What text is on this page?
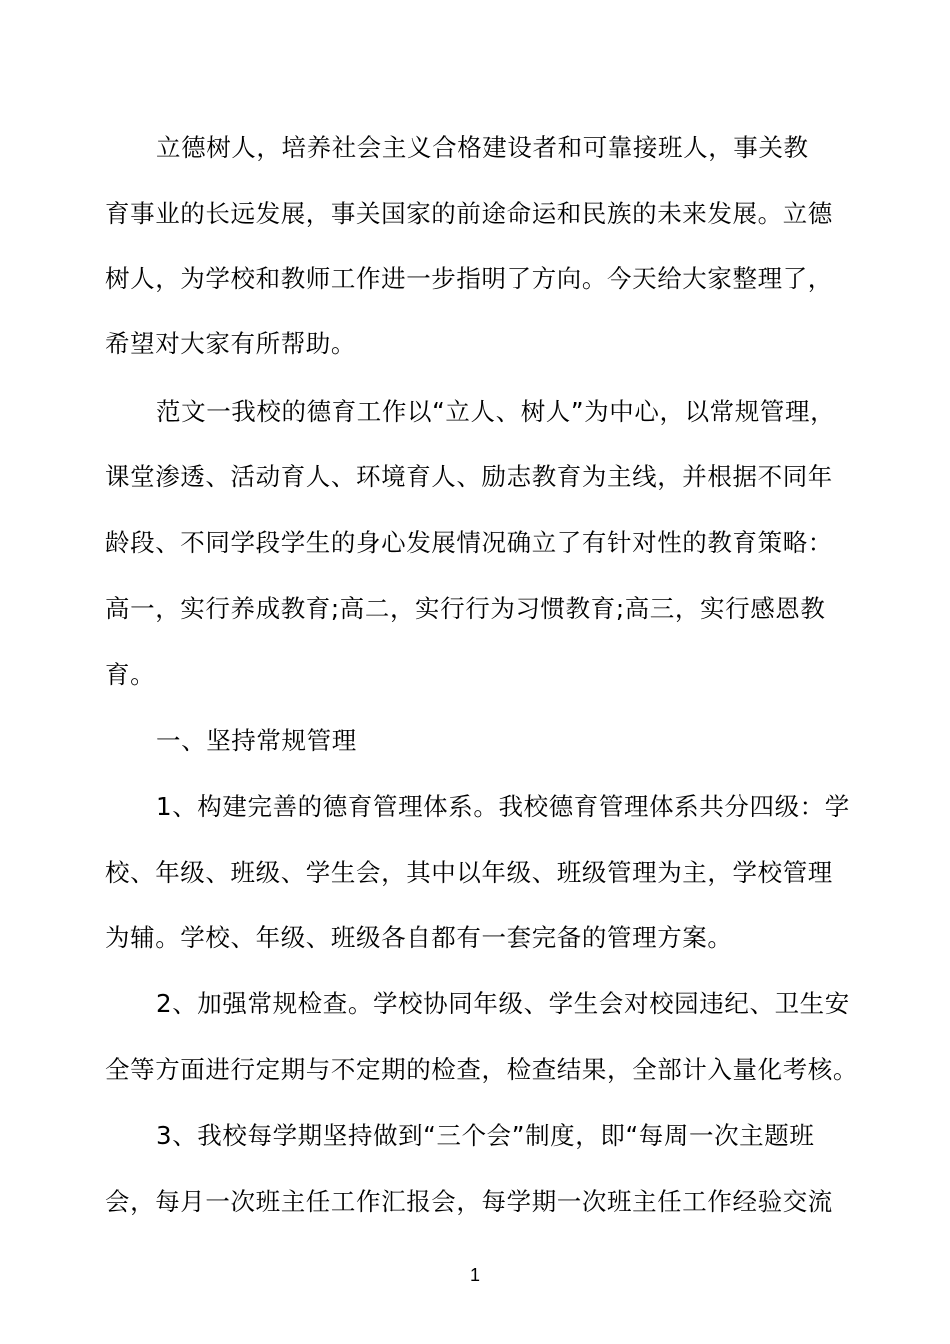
立德树人，培养社会主义合格建设者和可靠接班人，事关教
育事业的长远发展，事关国家的前途命运和民族的未来发展。立德
树人，为学校和教师工作进一步指明了方向。今天给大家整理了，
希望对大家有所帮助。
范文一我校的德育工作以“立人、树人”为中心，以常规管理，
课堂渗透、活动育人、环境育人、励志教育为主线，并根据不同年
龄段、不同学段学生的身心发展情况确立了有针对性的教育策略：
高一，实行养成教育;高二，实行行为习惯教育;高三，实行感恩教
育。
一、坚持常规管理
1、构建完善的德育管理体系。我校德育管理体系共分四级：学
校、年级、班级、学生会，其中以年级、班级管理为主，学校管理
为辅。学校、年级、班级各自都有一套完备的管理方案。
2、加强常规检查。学校协同年级、学生会对校园违纪、卫生安
全等方面进行定期与不定期的检查，检查结果，全部计入量化考核。
3、我校每学期坚持做到“三个会”制度，即“每周一次主题班
会，每月一次班主任工作汇报会，每学期一次班主任工作经验交流
1
